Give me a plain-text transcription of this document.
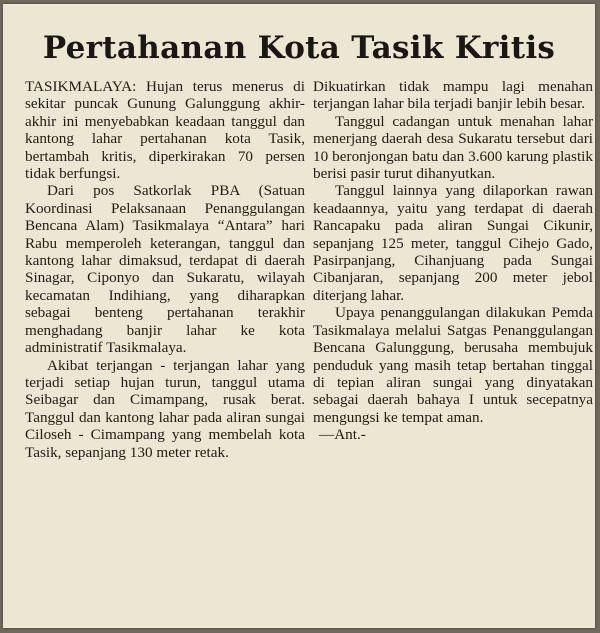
Pertahanan Kota Tasik Kritis

TASIKMALAYA: Hujan terus menerus di sekitar puncak Gunung Galunggung akhir-akhir ini menyebabkan keadaan tanggul dan kantong lahar pertahanan kota Tasik, bertambah kritis, diperkirakan 70 persen tidak berfungsi.

Dari pos Satkorlak PBA (Satuan Koordinasi Pelaksanaan Penanggulangan Bencana Alam) Tasikmalaya “Antara” hari Rabu memperoleh keterangan, tanggul dan kantong lahar dimaksud, terdapat di daerah Sinagar, Ciponyo dan Sukaratu, wilayah kecamatan Indihiang, yang diharapkan sebagai benteng pertahanan terakhir menghadang banjir lahar ke kota administratif Tasikmalaya.

Akibat terjangan - terjangan lahar yang terjadi setiap hujan turun, tanggul utama Seibagar dan Cimampang, rusak berat. Tanggul dan kantong lahar pada aliran sungai Ciloseh - Cimampang yang membelah kota Tasik, sepanjang 130 meter retak.

Dikuatirkan tidak mampu lagi menahan terjangan lahar bila terjadi banjir lebih besar.

Tanggul cadangan untuk menahan lahar menerjang daerah desa Sukaratu tersebut dari 10 beronjongan batu dan 3.600 karung plastik berisi pasir turut dihanyutkan.

Tanggul lainnya yang dilaporkan rawan keadaannya, yaitu yang terdapat di daerah Rancapaku pada aliran Sungai Cikunir, sepanjang 125 meter, tanggul Cihejo Gado, Pasirpanjang, Cihanjuang pada Sungai Cibanjaran, sepanjang 200 meter jebol diterjang lahar.

Upaya penanggulangan dilakukan Pemda Tasikmalaya melalui Satgas Penanggulangan Bencana Galunggung, berusaha membujuk penduduk yang masih tetap bertahan tinggal di tepian aliran sungai yang dinyatakan sebagai daerah bahaya I untuk secepatnya mengungsi ke tempat aman.

—Ant.-
